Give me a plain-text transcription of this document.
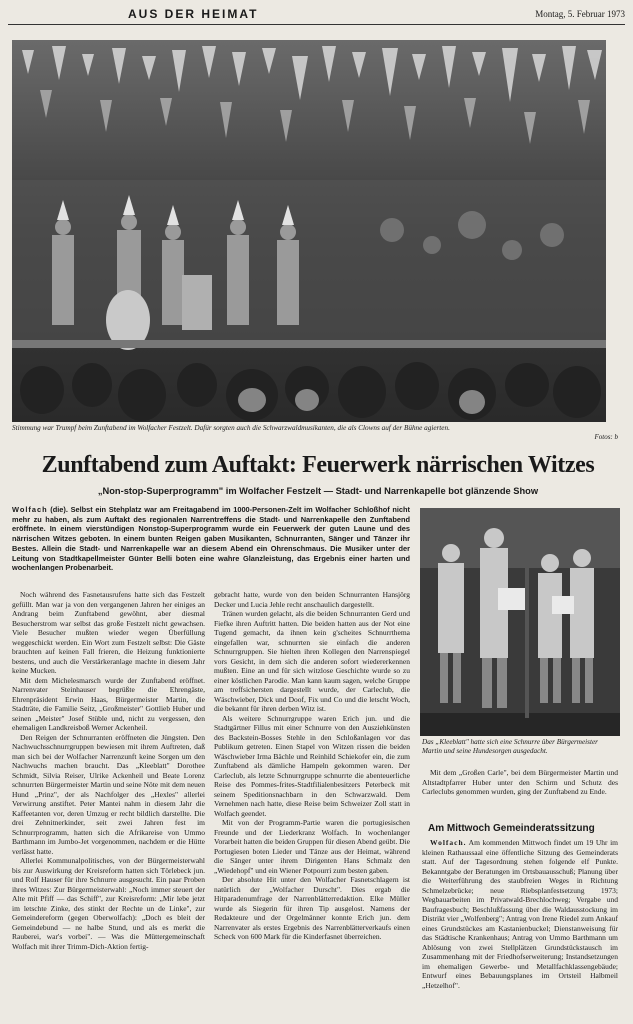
AUS DER HEIMAT	Montag, 5. Februar 1973
Stimmung war Trumpf beim Zunftabend im Wolfacher Festzelt. Dafür sorgten auch die Schwarzwaldmusikanten, die als Clowns auf der Bühne agierten.
Fotos: b
Zunftabend zum Auftakt: Feuerwerk närrischen Witzes
„Non-stop-Superprogramm" im Wolfacher Festzelt — Stadt- und Narrenkapelle bot glänzende Show
Wolfach (die). Selbst ein Stehplatz war am Freitagabend im 1000-Personen-Zelt im Wolfacher Schloßhof nicht mehr zu haben, als zum Auftakt des regionalen Narrentreffens die Stadt- und Narrenkapelle den Zunftabend eröffnete. In einem vierstündigen Nonstop-Superprogramm wurde ein Feuerwerk der guten Laune und des närrischen Witzes geboten. In einem bunten Reigen gaben Musikanten, Schnurranten, Sänger und Tänzer ihr Bestes. Allein die Stadt- und Narrenkapelle war an diesem Abend ein Ohrenschmaus. Die Musiker unter der Leitung von Stadtkapellmeister Günter Belli boten eine wahre Glanzleistung, das Ergebnis einer harten und wochenlangen Probenarbeit.

Noch während des Fasnetausrufens hatte sich das Festzelt gefüllt. Man war ja von den vergangenen Jahren her einiges an Andrang beim Zunftabend gewöhnt, aber diesmal Besucherstrom war selbst das große Festzelt nicht gewachsen. Viele Besucher mußten wieder wegen Überfüllung weggeschickt werden. Ein Wort zum Festzelt selbst: Die Gäste brauchten auf keinen Fall frieren, die Heizung funktionierte bestens, und auch die Verstärkeranlage machte in diesem Jahr keine Mucken.

Mit dem Michelesmarsch wurde der Zunftabend eröffnet. Narrenvater Steinhauser begrüßte die Ehrengäste, Ehrenpräsident Erwin Haas, Bürgermeister Martin, die Stadträte, die Familie Seitz, „Großmeister" Gottlieb Huber und seinen „Meister" Josef Stüble und, nicht zu vergessen, den ehemaligen Landkreisboß Werner Ackenheil.

Den Reigen der Schnurranten eröffneten die Jüngsten. Den Nachwuchsschnurrgruppen bewiesen mit ihrem Auftreten, daß man sich bei der Wolfacher Narrenzunft keine Sorgen um den Nachwuchs machen braucht. Das „Kleeblatt" Dorothee Schmidt, Silvia Reiser, Ulrike Ackenheil und Beate Lorenz schnurrten Bürgermeister Martin und seine Nöte mit dem neuen Hund „Prinz", der als Nachfolger des „Hexles" allerlei Verwirrung anstiftet. Peter Mantei nahm in diesem Jahr die Kaffeetanten vor, deren Umzug er recht bildlich darstellte. Die drei Zehnitnerkinder, seit zwei Jahren fest im Schnurrprogramm, hatten sich die Afrikareise von Ummo Barthmann im Jumbo-Jet vorgenommen, nachdem er die Hütte verlässt hatte.

Allerlei Kommunalpolitisches, von der Bürgermeisterwahl bis zur Auswirkung der Kreisreform hatten sich Törlebeck jun. und Rolf Hauser für ihre Schnurre ausgesucht. Ein paar Proben ihres Witzes: Zur Bürgermeisterwahl: „Noch immer steuert der Alte mit Pfiff — das Schiff", zur Kreisreform: „Mir lebe jetzt im letschte Zinke, des stinkt der Rechte un de Linke", zur Gemeindereform (gegen Oberwolfach): „Doch es bleit der Gemeindebund — ne halbe Stund, und als es merkt die Rauberei, war's vorbei". — Was die Müttergemeinschaft Wolfach mit ihrer Trimm-Dich-Aktion fertig-

gebracht hatte, wurde von den beiden Schnurranten Hansjörg Decker und Lucia Jehle recht anschaulich dargestellt.

Tränen wurden gelacht, als die beiden Schnurranten Gerd und Fiefke ihren Auftritt hatten. Die beiden hatten aus der Not eine Tugend gemacht, da ihnen kein g'scheites Schnurrthema eingefallen war, schnurrten sie einfach die anderen Schnurrgruppen. Sie hielten ihren Kollegen den Narrenspiegel vors Gesicht, in dem sich die anderen sofort wiedererkennen mußten. Eine an und für sich witzlose Geschichte wurde so zu einer köstlichen Parodie. Man kann kaum sagen, welche Gruppe am treffsichersten dargestellt wurde, der Carleclub, die Wäschwieber, Dick und Doof, Fix und Co und die letscht Woch, die bekannt für ihren derben Witz ist.

Als weitere Schnurrgruppe waren Erich jun. und die Stadtgärtner Fillus mit einer Schnurre von den Ausziehkünsten des Backstein-Bosses Stehle in den Schloßanlagen vor das Publikum getreten. Einen Stapel von Witzen rissen die beiden Wäschwieber Irma Bächle und Reinhild Schiekofer ein, die zum Zunftabend als dämliche Hampeln gekommen waren. Der Carleclub, als letzte Schnurrgruppe schnurrte die abenteuerliche Reise des Pommes-frites-Stadtfilialenbesitzers Peterbeck mit seinem Speditionsnachbarn in den Schwarzwald. Dem Vernehmen nach hatte, diese Reise beim Schweizer Zoll statt in Wolfach geendet.

Mit von der Programm-Partie waren die portugiesischen Freunde und der Liederkranz Wolfach. In wochenlanger Vorarbeit hatten die beiden Gruppen für diesen Abend geübt. Die Portugiesen boten Lieder und Tänze aus der Heimat, während die Sänger unter ihrem Dirigenten Hans Schmalz den „Wiedehopf" und ein Wiener Potpourri zum besten gaben.

Der absolute Hit unter den Wolfacher Fasnetschlagern ist natürlich der „Wolfacher Durscht". Dies ergab die Hitparadenumfrage der Narrenblätterredaktion. Elke Müller wurde als Siegerin für ihren Tip ausgelost. Namens der Redakteure und der Orgelmänner konnte Erich jun. dem Narrenvater als erstes Ergebnis des Narrenblätterverkaufs einen Scheck von 600 Mark für die Kinderfasnet überreichen.

Das „Kleeblatt" hatte sich eine Schnurre über Bürgermeister Martin und seine Hundesorgen ausgedacht.

Mit dem „Großen Carle", bei dem Bürgermeister Martin und Altstadtpfarrer Huber unter den Schirm und Schutz des Carleclubs genommen wurden, ging der Zunftabend zu Ende.

Am Mittwoch Gemeinderatssitzung

Wolfach. Am kommenden Mittwoch findet um 19 Uhr im kleinen Rathaussaal eine öffentliche Sitzung des Gemeinderats statt. Auf der Tagesordnung stehen folgende elf Punkte. Bekanntgabe der Beratungen im Ortsbauausschuß; Planung über die Weiterführung des staubfreien Weges in Richtung Schmelzebrücke; neue Riebsplanfestsetzung 1973; Wegbauarbeiten im Privatwald-Brechlochweg; Vergabe und Baufragesbuch; Beschlußfassung über die Waldausstockung im Distrikt vier „Wolfenberg"; Antrag von Irene Riedel zum Ankauf eines Grundstückes am Kastanienbuckel; Dienstanweisung für das Städtische Krankenhaus; Antrag von Ummo Barthmann um Ablösung von zwei Stellplätzen Grundstückstausch im Zusammenhang mit der Friedhofserweiterung; Instandsetzungen im ehemaligen Gewerbe- und Metallfachklassengebäude; Entwurf eines Bebauungsplanes im Ortsteil Halbmeil „Hetzelhof".
